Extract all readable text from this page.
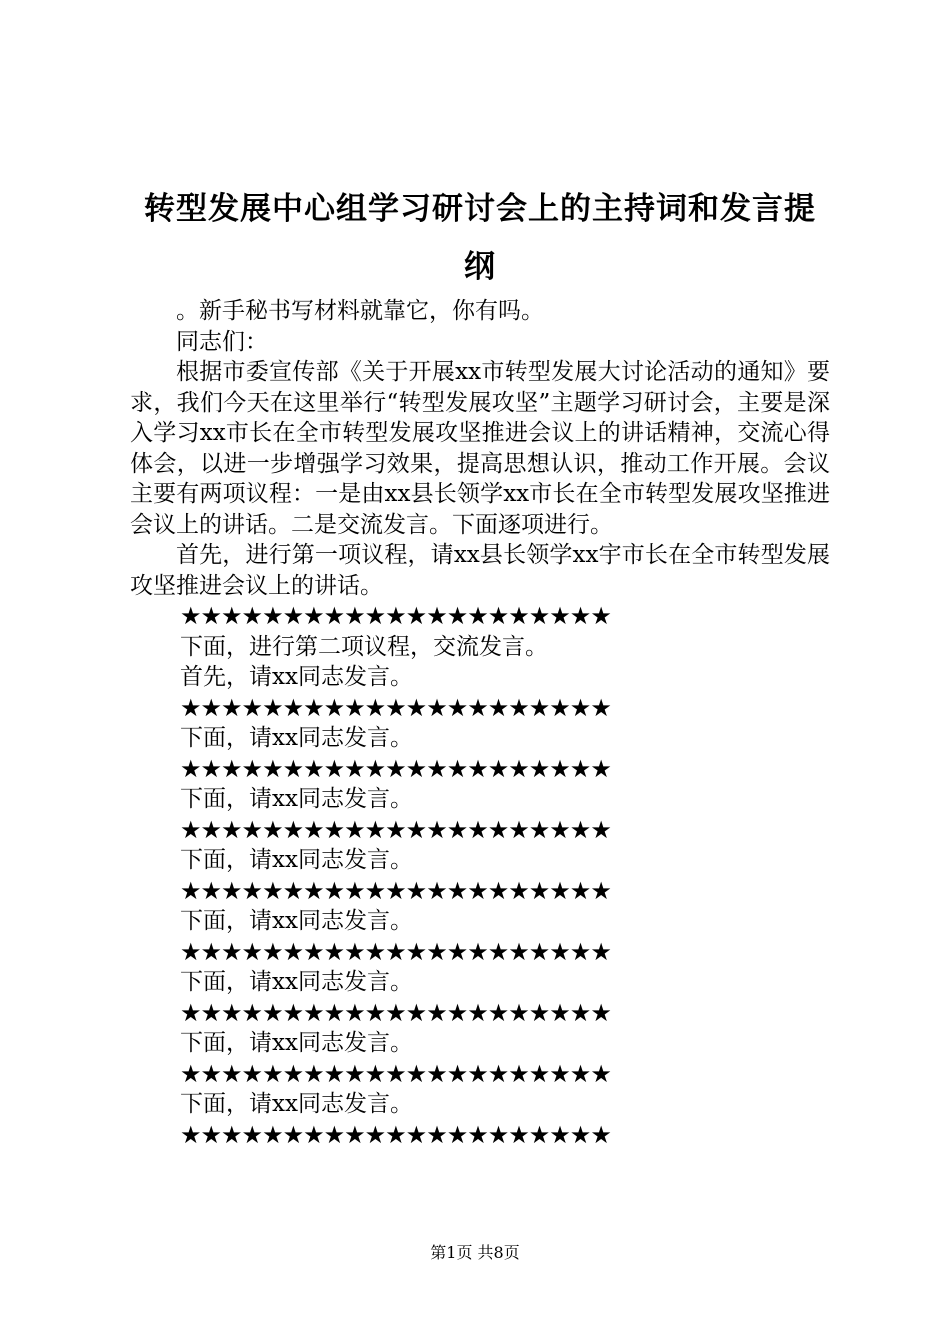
转型发展中心组学习研讨会上的主持词和发言提纲

。新手秘书写材料就靠它，你有吗。

同志们：

根据市委宣传部《关于开展xx市转型发展大讨论活动的通知》要求，我们今天在这里举行“转型发展攻坚”主题学习研讨会，主要是深入学习xx市长在全市转型发展攻坚推进会议上的讲话精神，交流心得体会，以进一步增强学习效果，提高思想认识，推动工作开展。会议主要有两项议程：一是由xx县长领学xx市长在全市转型发展攻坚推进会议上的讲话。二是交流发言。下面逐项进行。

首先，进行第一项议程，请xx县长领学xx宇市长在全市转型发展攻坚推进会议上的讲话。

★★★★★★★★★★★★★★★★★★★★★

下面，进行第二项议程，交流发言。

首先，请xx同志发言。

★★★★★★★★★★★★★★★★★★★★★

下面，请xx同志发言。

★★★★★★★★★★★★★★★★★★★★★

下面，请xx同志发言。

★★★★★★★★★★★★★★★★★★★★★

下面，请xx同志发言。

★★★★★★★★★★★★★★★★★★★★★

下面，请xx同志发言。

★★★★★★★★★★★★★★★★★★★★★

下面，请xx同志发言。

★★★★★★★★★★★★★★★★★★★★★

下面，请xx同志发言。

★★★★★★★★★★★★★★★★★★★★★

下面，请xx同志发言。

★★★★★★★★★★★★★★★★★★★★★

第1页 共8页
